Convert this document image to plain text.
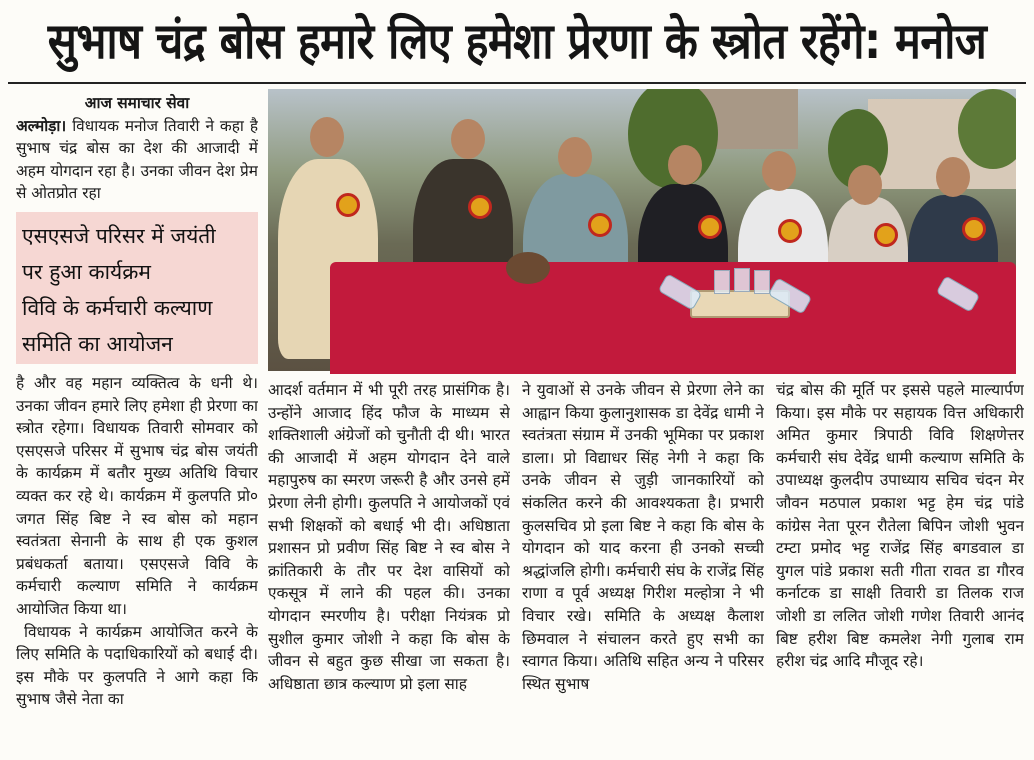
सुभाष चंद्र बोस हमारे लिए हमेशा प्रेरणा के स्त्रोत रहेंगे: मनोज
आज समाचार सेवा
अल्मोड़ा। विधायक मनोज तिवारी ने कहा है सुभाष चंद्र बोस का देश की आजादी में अहम योगदान रहा है। उनका जीवन देश प्रेम से ओतप्रोत रहा
एसएसजे परिसर में जयंती
पर हुआ कार्यक्रम
विवि के कर्मचारी कल्याण
समिति का आयोजन
है और वह महान व्यक्तित्व के धनी थे। उनका जीवन हमारे लिए हमेशा ही प्रेरणा का स्त्रोत रहेगा। विधायक तिवारी सोमवार को एसएसजे परिसर में सुभाष चंद्र बोस जयंती के कार्यक्रम में बतौर मुख्य अतिथि विचार व्यक्त कर रहे थे। कार्यक्रम में कुलपति प्रो० जगत सिंह बिष्ट ने स्व बोस को महान स्वतंत्रता सेनानी के साथ ही एक कुशल प्रबंधकर्ता बताया। एसएसजे विवि के कर्मचारी कल्याण समिति ने कार्यक्रम आयोजित किया था।

विधायक ने कार्यक्रम आयोजित करने के लिए समिति के पदाधिकारियों को बधाई दी। इस मौके पर कुलपति ने आगे कहा कि सुभाष जैसे नेता का
आदर्श वर्तमान में भी पूरी तरह प्रासंगिक है। उन्होंने आजाद हिंद फौज के माध्यम से शक्तिशाली अंग्रेजों को चुनौती दी थी। भारत की आजादी में अहम योगदान देने वाले महापुरुष का स्मरण जरूरी है और उनसे हमें प्रेरणा लेनी होगी। कुलपति ने आयोजकों एवं सभी शिक्षकों को बधाई भी दी। अधिष्ठाता प्रशासन प्रो प्रवीण सिंह बिष्ट ने स्व बोस ने क्रांतिकारी के तौर पर देश वासियों को एकसूत्र में लाने की पहल की। उनका योगदान स्मरणीय है। परीक्षा नियंत्रक प्रो सुशील कुमार जोशी ने कहा कि बोस के जीवन से बहुत कुछ सीखा जा सकता है। अधिष्ठाता छात्र कल्याण प्रो इला साह
ने युवाओं से उनके जीवन से प्रेरणा लेने का आह्वान किया कुलानुशासक डा देवेंद्र धामी ने स्वतंत्रता संग्राम में उनकी भूमिका पर प्रकाश डाला। प्रो विद्याधर सिंह नेगी ने कहा कि उनके जीवन से जुड़ी जानकारियों को संकलित करने की आवश्यकता है। प्रभारी कुलसचिव प्रो इला बिष्ट ने कहा कि बोस के योगदान को याद करना ही उनको सच्ची श्रद्धांजलि होगी। कर्मचारी संघ के राजेंद्र सिंह राणा व पूर्व अध्यक्ष गिरीश मल्होत्रा ने भी विचार रखे। समिति के अध्यक्ष कैलाश छिमवाल ने संचालन करते हुए सभी का स्वागत किया। अतिथि सहित अन्य ने परिसर स्थित सुभाष
चंद्र बोस की मूर्ति पर इससे पहले माल्यार्पण किया। इस मौके पर सहायक वित्त अधिकारी अमित कुमार त्रिपाठी विवि शिक्षणेत्तर कर्मचारी संघ देवेंद्र धामी कल्याण समिति के उपाध्यक्ष कुलदीप उपाध्याय सचिव चंदन मेर जौवन मठपाल प्रकाश भट्ट हेम चंद्र पांडे कांग्रेस नेता पूरन रौतेला बिपिन जोशी भुवन टम्टा प्रमोद भट्ट राजेंद्र सिंह बगडवाल डा युगल पांडे प्रकाश सती गीता रावत डा गौरव कर्नाटक डा साक्षी तिवारी डा तिलक राज जोशी डा ललित जोशी गणेश तिवारी आनंद बिष्ट हरीश बिष्ट कमलेश नेगी गुलाब राम हरीश चंद्र आदि मौजूद रहे।
